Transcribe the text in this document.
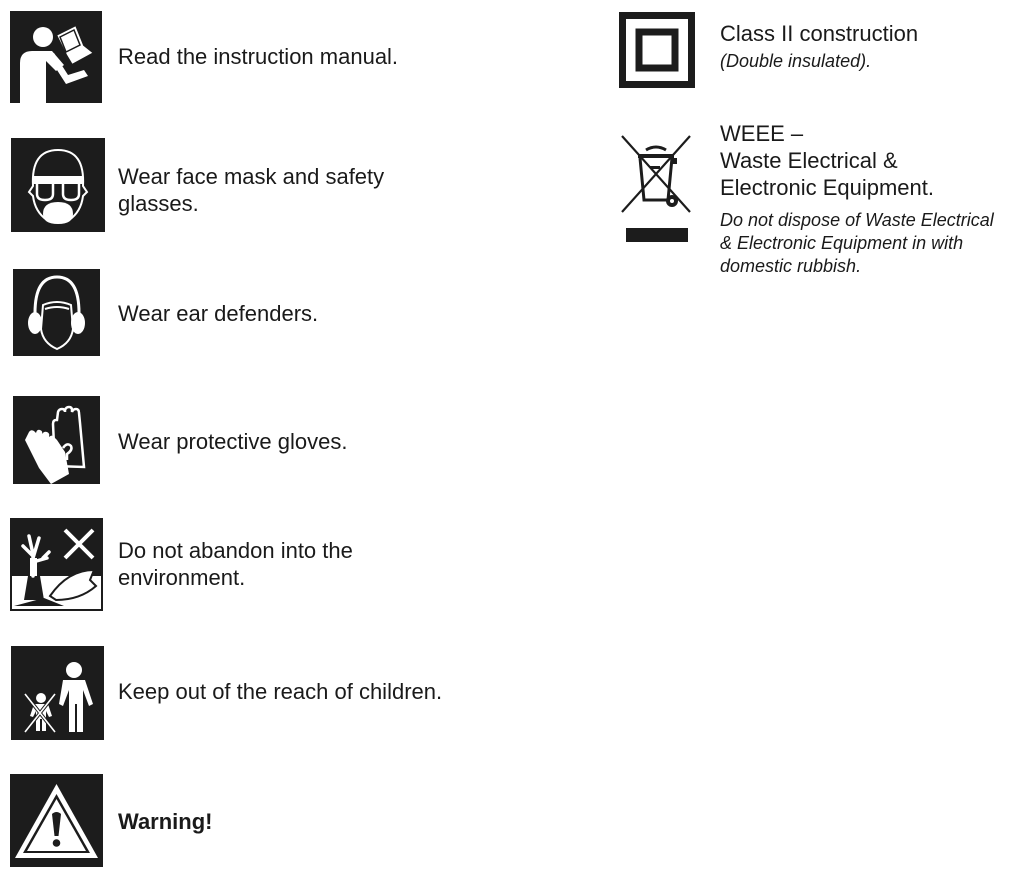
Read the instruction manual.
Wear face mask and safety
glasses.
Wear ear defenders.
Wear protective gloves.
Do not abandon into the
environment.
Keep out of the reach of children.
Warning!
Class II construction
(Double insulated).
WEEE –
Waste Electrical &
Electronic Equipment.
Do not dispose of Waste Electrical
& Electronic Equipment in with
domestic rubbish.
